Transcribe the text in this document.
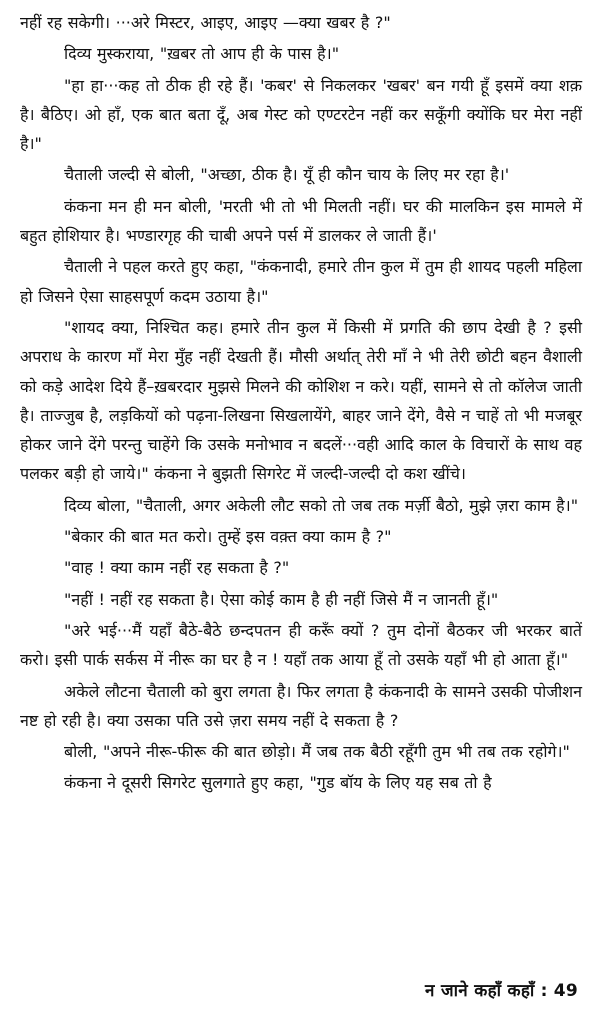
नहीं रह सकेगी। ···अरे मिस्टर, आइए, आइए —क्या खबर है ?"

दिव्य मुस्कराया, "ख़बर तो आप ही के पास है।"

"हा हा···कह तो ठीक ही रहे हैं। 'कबर' से निकलकर 'खबर' बन गयी हूँ इसमें क्या शक़ है। बैठिए। ओ हाँ, एक बात बता दूँ, अब गेस्ट को एण्टरटेन नहीं कर सकूँगी क्योंकि घर मेरा नहीं है।"

चैताली जल्दी से बोली, "अच्छा, ठीक है। यूँ ही कौन चाय के लिए मर रहा है।'

कंकना मन ही मन बोली, 'मरती भी तो भी मिलती नहीं। घर की मालकिन इस मामले में बहुत होशियार है। भण्डारगृह की चाबी अपने पर्स में डालकर ले जाती हैं।'

चैताली ने पहल करते हुए कहा, "कंकनादी, हमारे तीन कुल में तुम ही शायद पहली महिला हो जिसने ऐसा साहसपूर्ण कदम उठाया है।"

"शायद क्या, निश्चित कह। हमारे तीन कुल में किसी में प्रगति की छाप देखी है ? इसी अपराध के कारण माँ मेरा मुँह नहीं देखती हैं। मौसी अर्थात् तेरी माँ ने भी तेरी छोटी बहन वैशाली को कड़े आदेश दिये हैं–ख़बरदार मुझसे मिलने की कोशिश न करे। यहीं, सामने से तो कॉलेज जाती है। ताज्जुब है, लड़कियों को पढ़ना-लिखना सिखलायेंगे, बाहर जाने देंगे, वैसे न चाहें तो भी मजबूर होकर जाने देंगे परन्तु चाहेंगे कि उसके मनोभाव न बदलें···वही आदि काल के विचारों के साथ वह पलकर बड़ी हो जाये।" कंकना ने बुझती सिगरेट में जल्दी-जल्दी दो कश खींचे।

दिव्य बोला, "चैताली, अगर अकेली लौट सको तो जब तक मर्ज़ी बैठो, मुझे ज़रा काम है।"

"बेकार की बात मत करो। तुम्हें इस वक़्त क्या काम है ?"

"वाह ! क्या काम नहीं रह सकता है ?"

"नहीं ! नहीं रह सकता है। ऐसा कोई काम है ही नहीं जिसे मैं न जानती हूँ।"

"अरे भई···मैं यहाँ बैठे-बैठे छन्दपतन ही करूँ क्यों ? तुम दोनों बैठकर जी भरकर बातें करो। इसी पार्क सर्कस में नीरू का घर है न ! यहाँ तक आया हूँ तो उसके यहाँ भी हो आता हूँ।"

अकेले लौटना चैताली को बुरा लगता है। फिर लगता है कंकनादी के सामने उसकी पोजीशन नष्ट हो रही है। क्या उसका पति उसे ज़रा समय नहीं दे सकता है ?

बोली, "अपने नीरू-फीरू की बात छोड़ो। मैं जब तक बैठी रहूँगी तुम भी तब तक रहोगे।"

कंकना ने दूसरी सिगरेट सुलगाते हुए कहा, "गुड बॉय के लिए यह सब तो है

न जाने कहाँ कहाँ : 49
